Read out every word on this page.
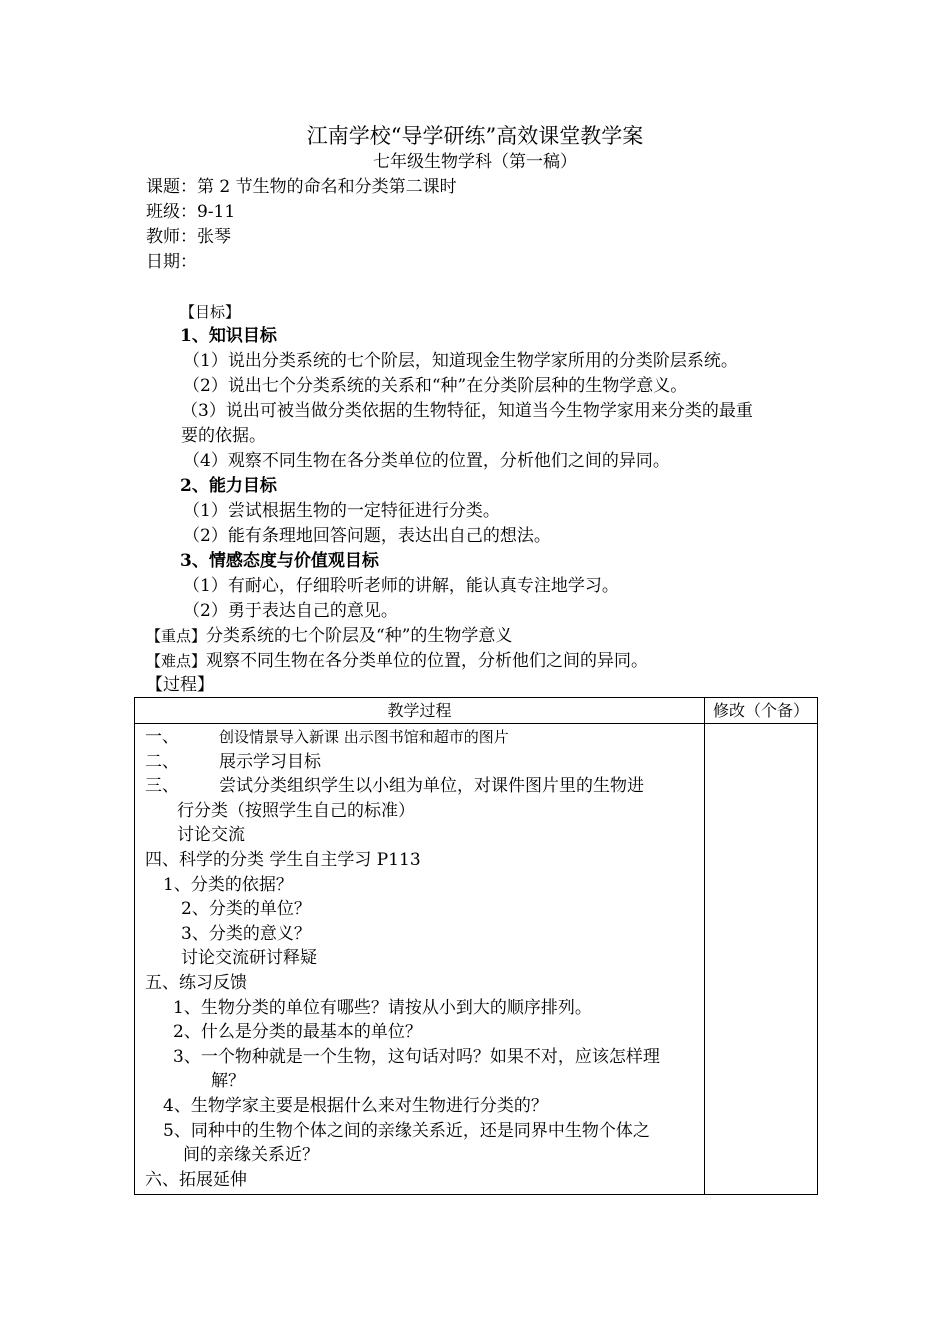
江南学校“导学研练”高效课堂教学案
七年级生物学科（第一稿）
课题：第 2 节生物的命名和分类第二课时
班级：9-11
教师：张琴
日期：
【目标】
1、知识目标
（1）说出分类系统的七个阶层，知道现金生物学家所用的分类阶层系统。
（2）说出七个分类系统的关系和“种”在分类阶层种的生物学意义。
（3）说出可被当做分类依据的生物特征，知道当今生物学家用来分类的最重
要的依据。
（4）观察不同生物在各分类单位的位置，分析他们之间的异同。
2、能力目标
（1）尝试根据生物的一定特征进行分类。
（2）能有条理地回答问题，表达出自己的想法。
3、情感态度与价值观目标
（1）有耐心，仔细聆听老师的讲解，能认真专注地学习。
（2）勇于表达自己的意见。
【重点】分类系统的七个阶层及“种”的生物学意义
【难点】观察不同生物在各分类单位的位置，分析他们之间的异同。
【过程】
教学过程	修改（个备）
一、	创设情景导入新课 出示图书馆和超市的图片
二、 展示学习目标
三、 尝试分类组织学生以小组为单位，对课件图片里的生物进
行分类（按照学生自己的标准）
讨论交流
四、科学的分类 学生自主学习 P113
1、分类的依据？
2、分类的单位？
3、分类的意义？
讨论交流研讨释疑
五、练习反馈
1、生物分类的单位有哪些？请按从小到大的顺序排列。
2、什么是分类的最基本的单位？
3、一个物种就是一个生物，这句话对吗？如果不对，应该怎样理
解？
4、生物学家主要是根据什么来对生物进行分类的？
5、同种中的生物个体之间的亲缘关系近，还是同界中生物个体之
间的亲缘关系近？
六、拓展延伸
